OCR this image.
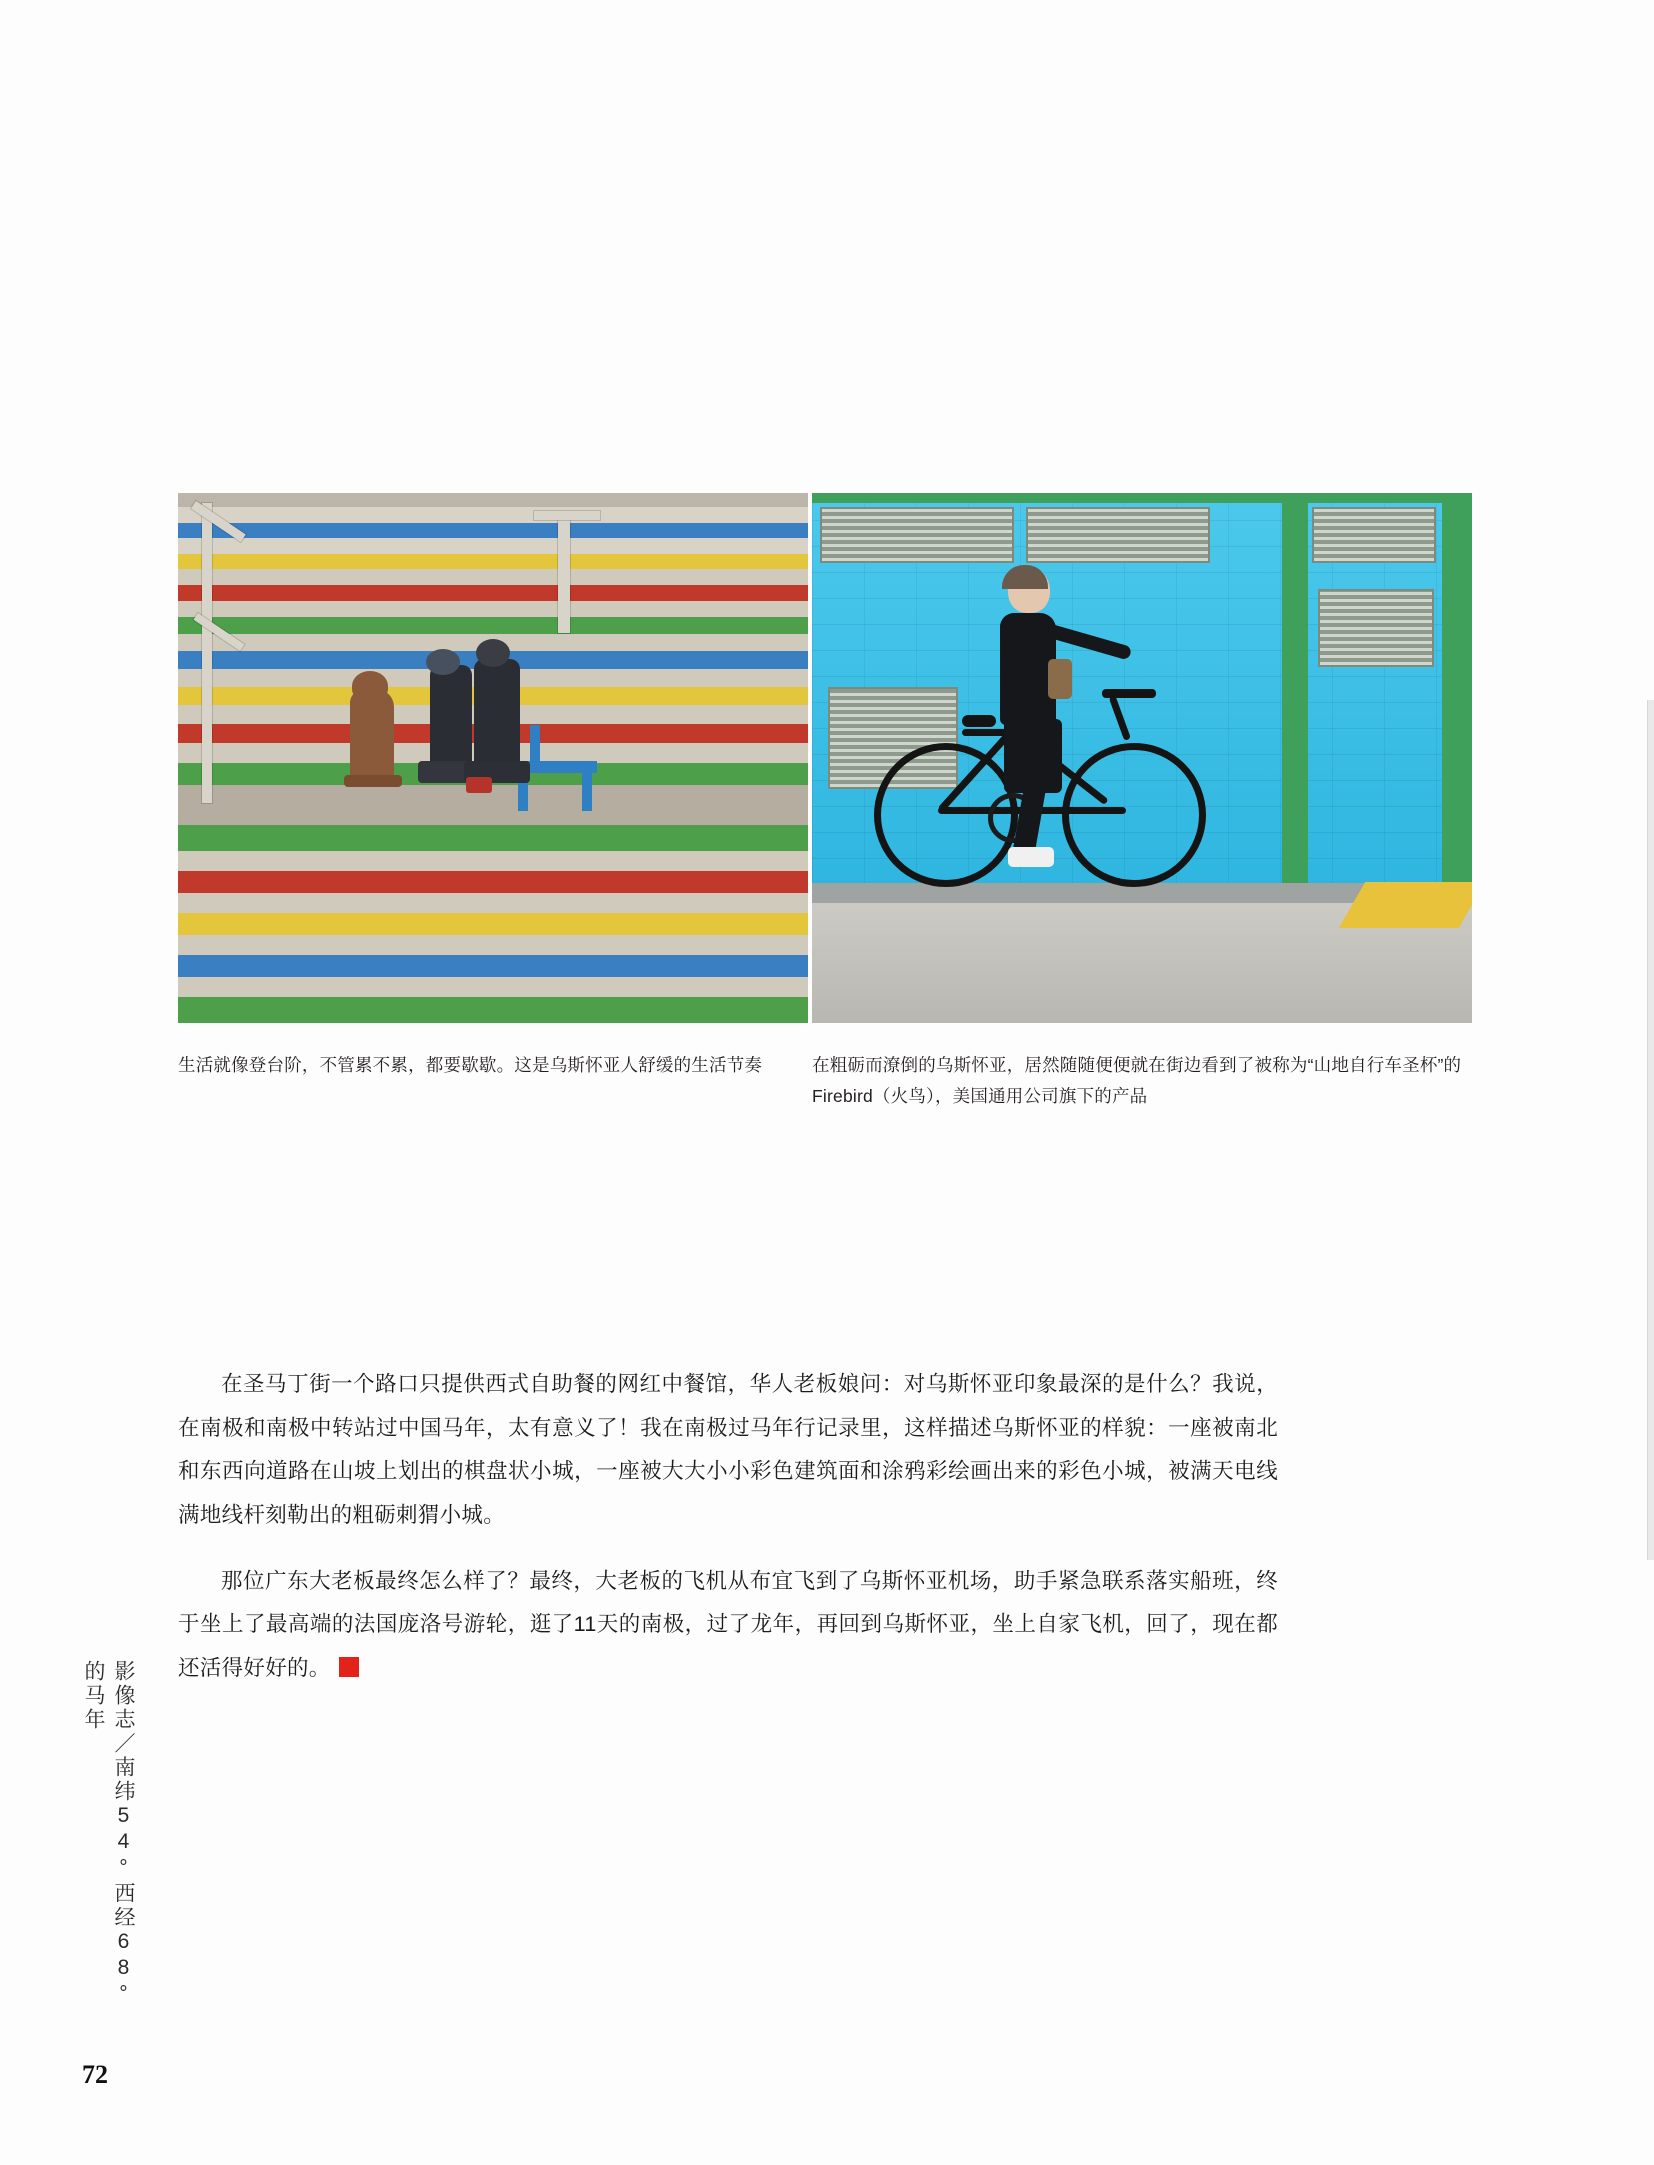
生活就像登台阶，不管累不累，都要歇歇。这是乌斯怀亚人舒缓的生活节奏	在粗砺而潦倒的乌斯怀亚，居然随随便便就在街边看到了被称为“山地自行车圣杯”的Firebird（火鸟），美国通用公司旗下的产品

在圣马丁街一个路口只提供西式自助餐的网红中餐馆，华人老板娘问：对乌斯怀亚印象最深的是什么？我说，在南极和南极中转站过中国马年，太有意义了！我在南极过马年行记录里，这样描述乌斯怀亚的样貌：一座被南北和东西向道路在山坡上划出的棋盘状小城，一座被大大小小彩色建筑面和涂鸦彩绘画出来的彩色小城，被满天电线满地线杆刻勒出的粗砺刺猬小城。

那位广东大老板最终怎么样了？最终，大老板的飞机从布宜飞到了乌斯怀亚机场，助手紧急联系落实船班，终于坐上了最高端的法国庞洛号游轮，逛了11天的南极，过了龙年，再回到乌斯怀亚，坐上自家飞机，回了，现在都还活得好好的。

影像志／南纬54°西经68°的马年
72
